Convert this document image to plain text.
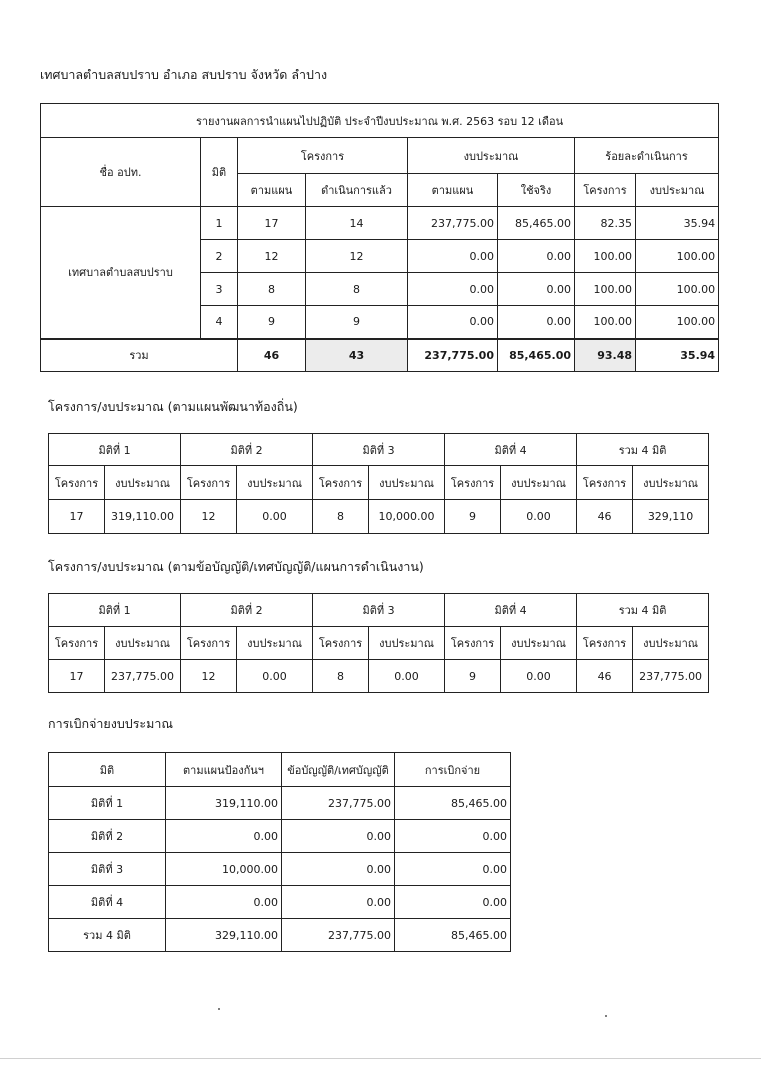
เทศบาลตำบลสบปราบ อำเภอ สบปราบ จังหวัด ลำปาง
รายงานผลการนำแผนไปปฏิบัติ ประจำปีงบประมาณ พ.ศ. 2563 รอบ 12 เดือน							
ชื่อ อปท.	มิติ	โครงการ		งบประมาณ		ร้อยละดำเนินการ	
		ตามแผน	ดำเนินการแล้ว	ตามแผน	ใช้จริง	โครงการ	งบประมาณ
เทศบาลตำบลสบปราบ	1	17	14	237,775.00	85,465.00	82.35	35.94
	2	12	12	0.00	0.00	100.00	100.00
	3	8	8	0.00	0.00	100.00	100.00
	4	9	9	0.00	0.00	100.00	100.00
รวม		46	43	237,775.00	85,465.00	93.48	35.94
โครงการ/งบประมาณ (ตามแผนพัฒนาท้องถิ่น)
มิติที่ 1		มิติที่ 2		มิติที่ 3		มิติที่ 4		รวม 4 มิติ	
โครงการ	งบประมาณ	โครงการ	งบประมาณ	โครงการ	งบประมาณ	โครงการ	งบประมาณ	โครงการ	งบประมาณ
17	319,110.00	12	0.00	8	10,000.00	9	0.00	46	329,110
โครงการ/งบประมาณ (ตามข้อบัญญัติ/เทศบัญญัติ/แผนการดำเนินงาน)
มิติที่ 1		มิติที่ 2		มิติที่ 3		มิติที่ 4		รวม 4 มิติ	
โครงการ	งบประมาณ	โครงการ	งบประมาณ	โครงการ	งบประมาณ	โครงการ	งบประมาณ	โครงการ	งบประมาณ
17	237,775.00	12	0.00	8	0.00	9	0.00	46	237,775.00
การเบิกจ่ายงบประมาณ
มิติ	ตามแผนป้องกันฯ	ข้อบัญญัติ/เทศบัญญัติ	การเบิกจ่าย
มิติที่ 1	319,110.00	237,775.00	85,465.00
มิติที่ 2	0.00	0.00	0.00
มิติที่ 3	10,000.00	0.00	0.00
มิติที่ 4	0.00	0.00	0.00
รวม 4 มิติ	329,110.00	237,775.00	85,465.00
